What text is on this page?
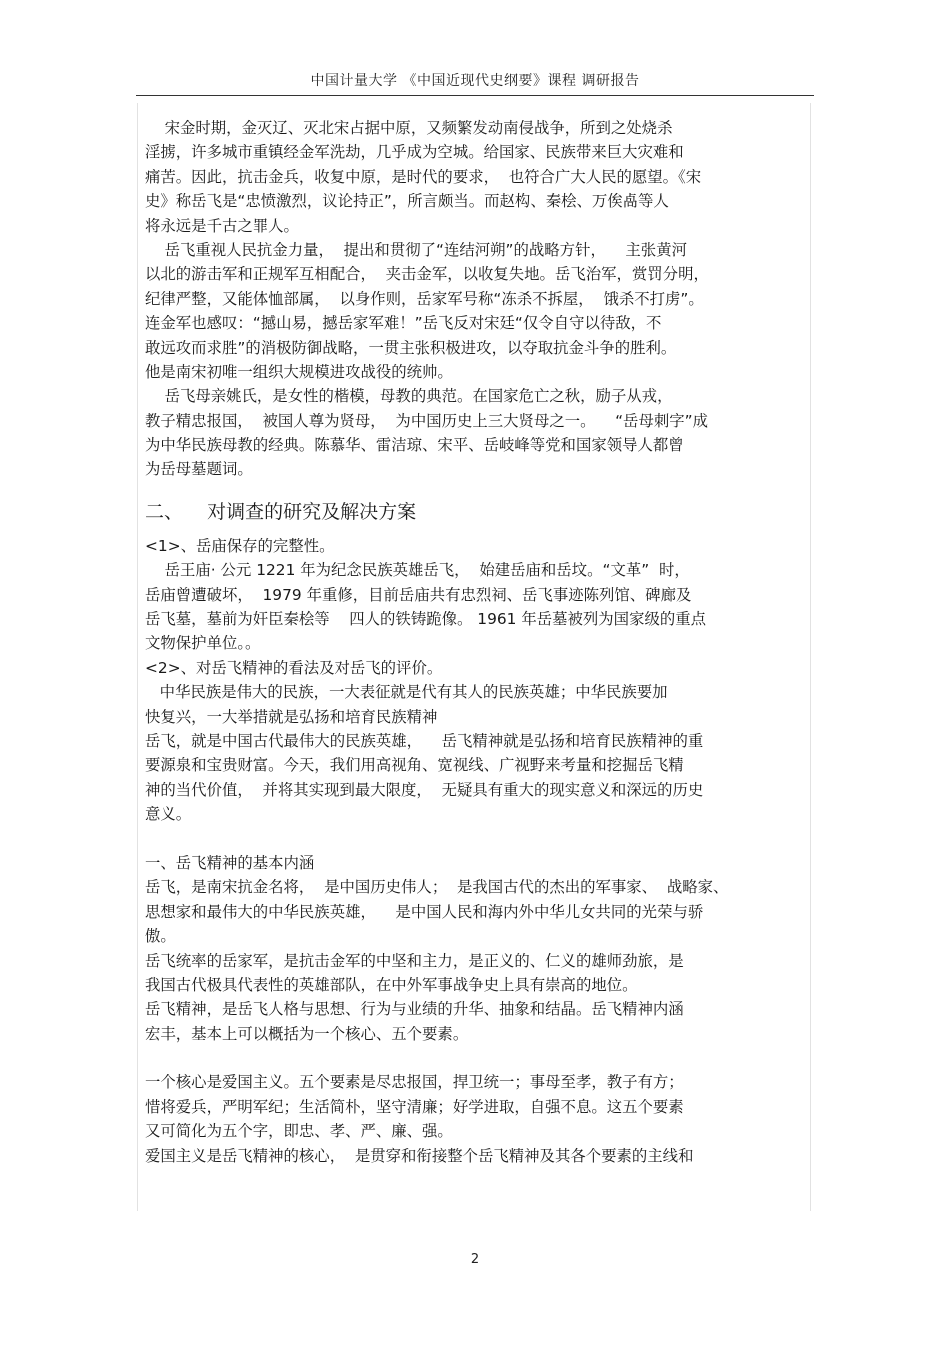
中国计量大学 《中国近现代史纲要》课程 调研报告
宋金时期，金灭辽、灭北宋占据中原，又频繁发动南侵战争，所到之处烧杀
淫掳，许多城市重镇经金军洗劫，几乎成为空城。给国家、民族带来巨大灾难和
痛苦。因此，抗击金兵，收复中原，是时代的要求，  也符合广大人民的愿望。《宋
史》称岳飞是“忠愤激烈，议论持正”，所言颇当。而赵构、秦桧、万俟卨等人
将永远是千古之罪人。
岳飞重视人民抗金力量，  提出和贯彻了“连结河朔”的战略方针，    主张黄河
以北的游击军和正规军互相配合，  夹击金军，以收复失地。岳飞治军，赏罚分明，
纪律严整，又能体恤部属，  以身作则，岳家军号称“冻杀不拆屋，  饿杀不打虏”。
连金军也感叹：“撼山易，撼岳家军难！”岳飞反对宋廷“仅令自守以待敌，不
敢远攻而求胜”的消极防御战略，一贯主张积极进攻，以夺取抗金斗争的胜利。
他是南宋初唯一组织大规模进攻战役的统帅。
岳飞母亲姚氏，是女性的楷模，母教的典范。在国家危亡之秋，励子从戎，
教子精忠报国，  被国人尊为贤母，  为中国历史上三大贤母之一。    “岳母刺字”成
为中华民族母教的经典。陈慕华、雷洁琼、宋平、岳岐峰等党和国家领导人都曾
为岳母墓题词。
二、    对调查的研究及解决方案
<1>、岳庙保存的完整性。
岳王庙· 公元 1221 年为纪念民族英雄岳飞，  始建岳庙和岳坟。“文革”  时，
岳庙曾遭破坏，  1979 年重修，目前岳庙共有忠烈祠、岳飞事迹陈列馆、碑廊及
岳飞墓，墓前为奸臣秦桧等    四人的铁铸跪像。 1961 年岳墓被列为国家级的重点
文物保护单位。。
<2>、对岳飞精神的看法及对岳飞的评价。
中华民族是伟大的民族，一大表征就是代有其人的民族英雄；中华民族要加
快复兴，一大举措就是弘扬和培育民族精神
岳飞，就是中国古代最伟大的民族英雄，    岳飞精神就是弘扬和培育民族精神的重
要源泉和宝贵财富。今天，我们用高视角、宽视线、广视野来考量和挖掘岳飞精
神的当代价值，  并将其实现到最大限度，  无疑具有重大的现实意义和深远的历史
意义。
一、岳飞精神的基本内涵
岳飞，是南宋抗金名将，  是中国历史伟人；  是我国古代的杰出的军事家、  战略家、
思想家和最伟大的中华民族英雄，    是中国人民和海内外中华儿女共同的光荣与骄
傲。
岳飞统率的岳家军，是抗击金军的中坚和主力，是正义的、仁义的雄师劲旅，是
我国古代极具代表性的英雄部队，在中外军事战争史上具有崇高的地位。
岳飞精神，是岳飞人格与思想、行为与业绩的升华、抽象和结晶。岳飞精神内涵
宏丰，基本上可以概括为一个核心、五个要素。
一个核心是爱国主义。五个要素是尽忠报国，捍卫统一；事母至孝，教子有方；
惜将爱兵，严明军纪；生活简朴，坚守清廉；好学进取，自强不息。这五个要素
又可简化为五个字，即忠、孝、严、廉、强。
爱国主义是岳飞精神的核心，  是贯穿和衔接整个岳飞精神及其各个要素的主线和
2
